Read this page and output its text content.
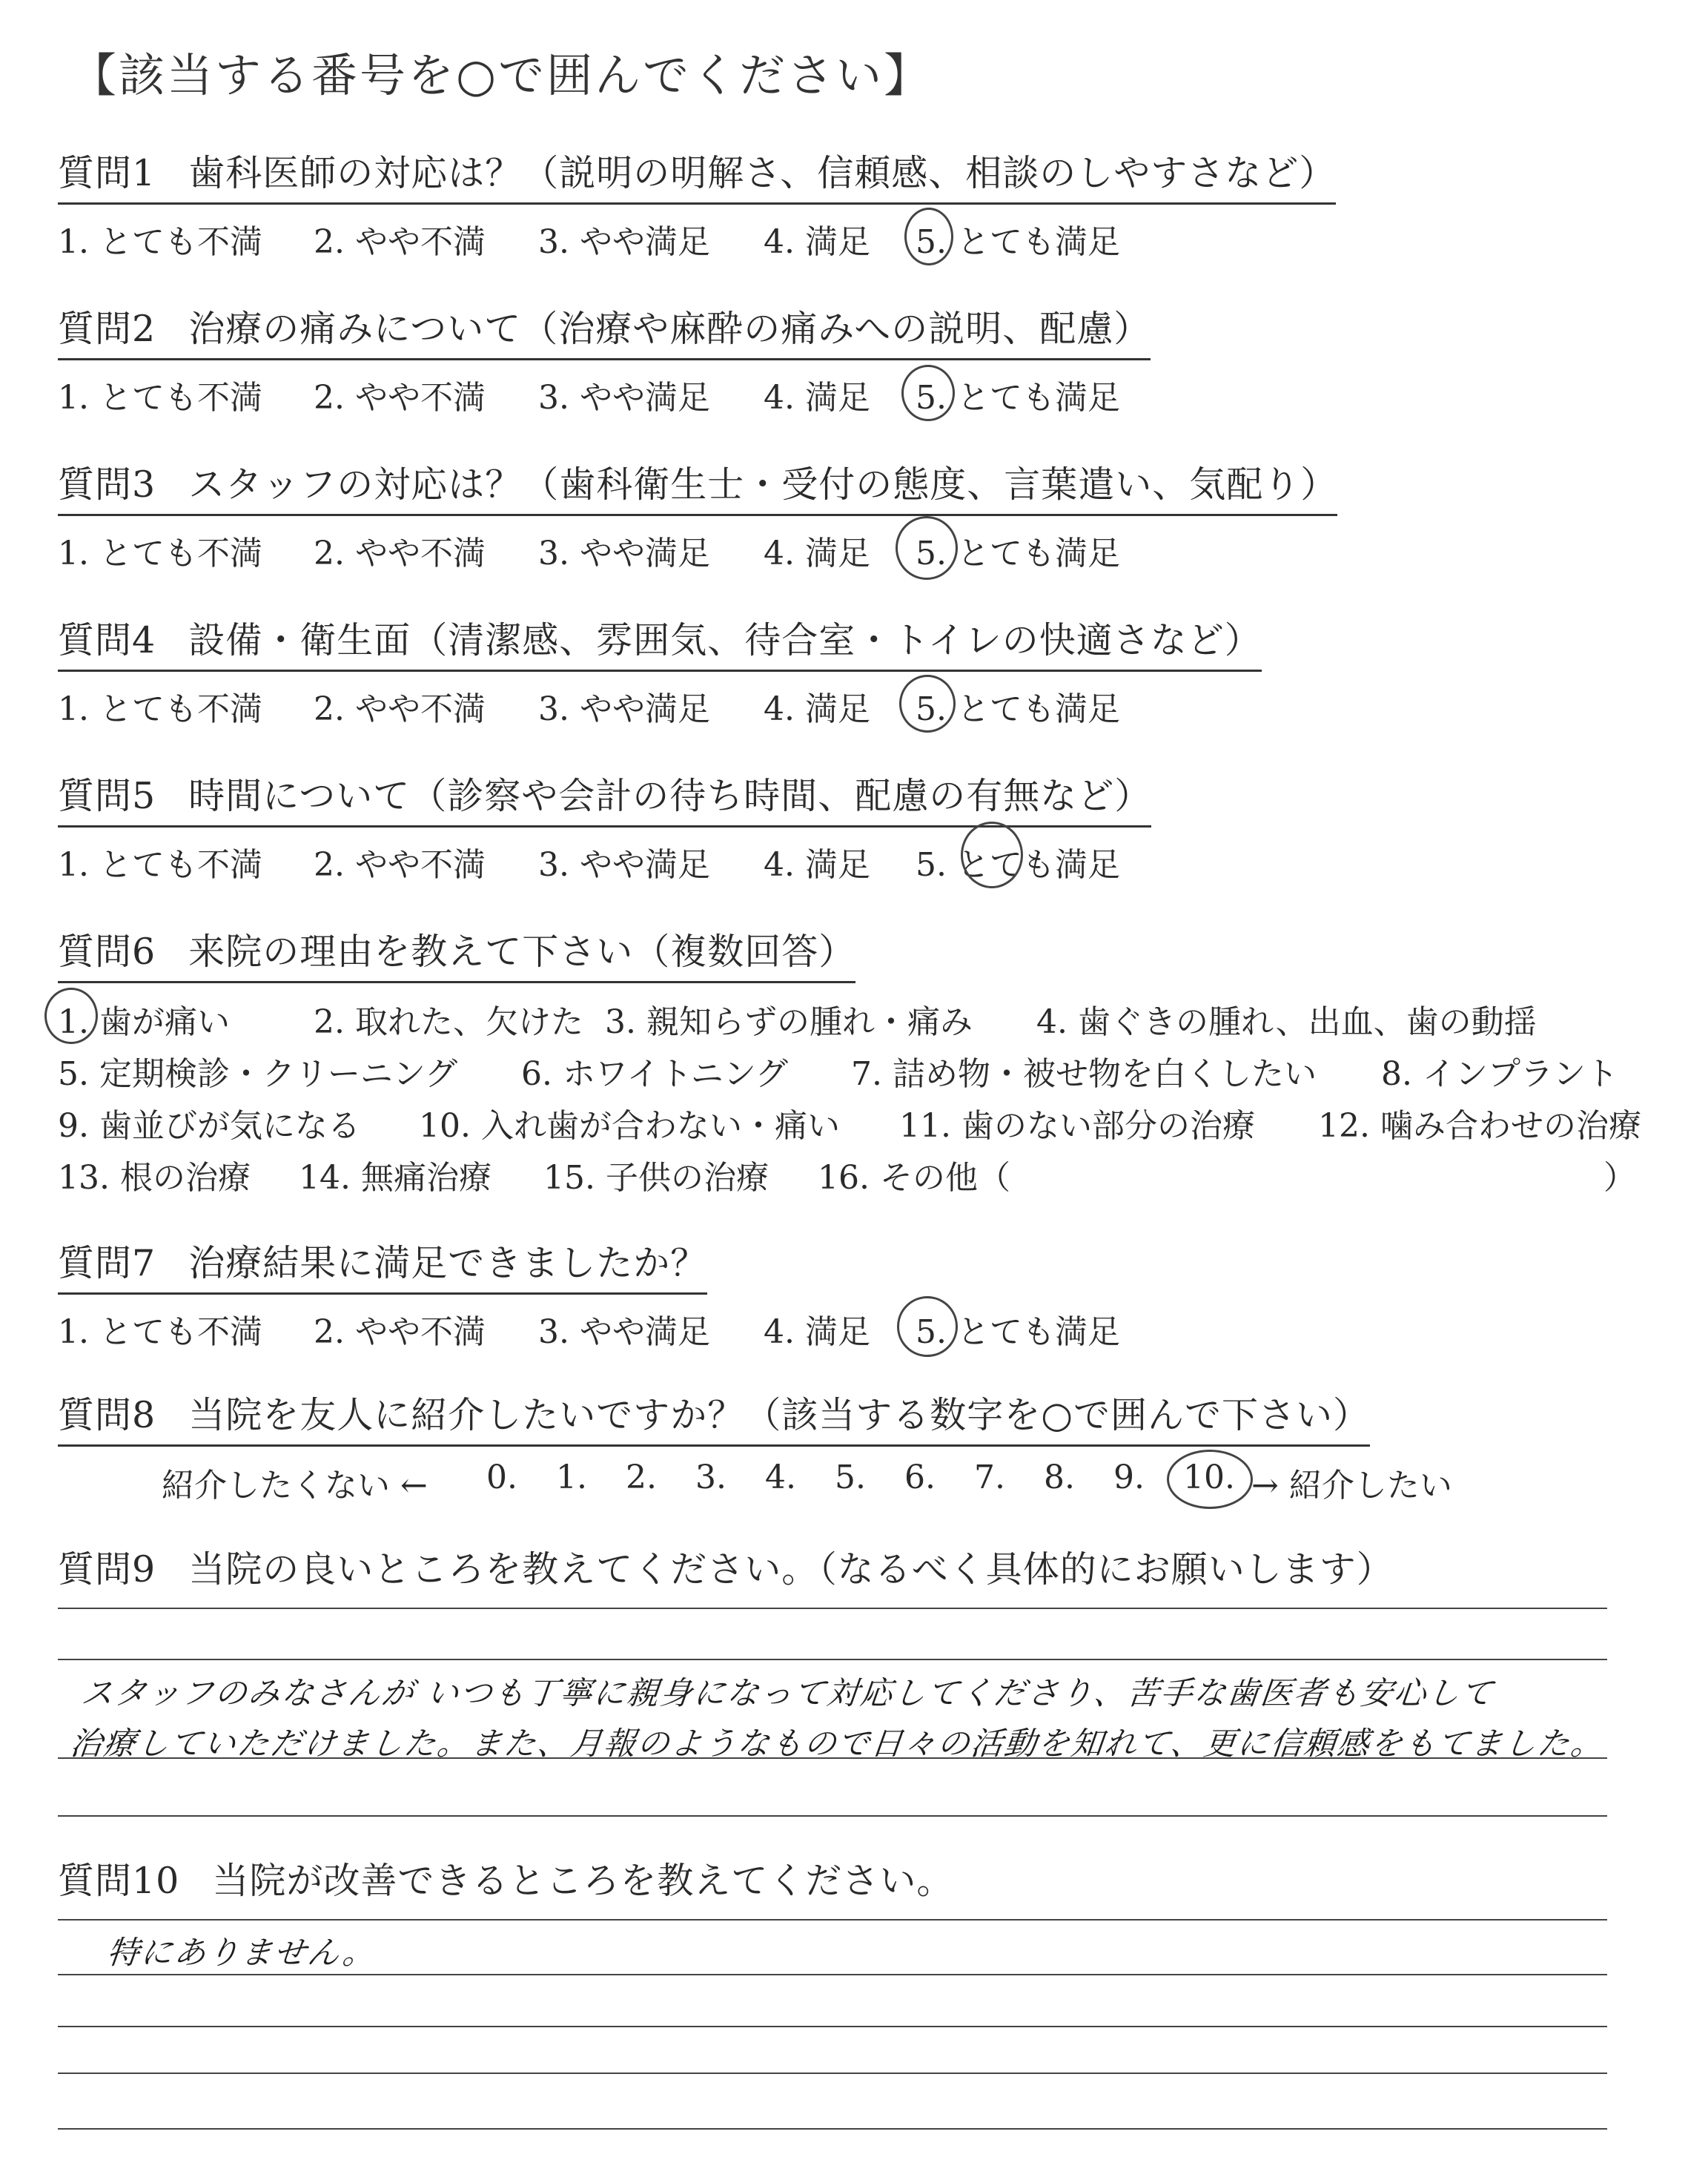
【該当する番号を○で囲んでください】
質問1 歯科医師の対応は？（説明の明解さ、信頼感、相談のしやすさなど）
1. とても不満 2. やや不満 3. やや満足 4. 満足 5. とても満足
質問2 治療の痛みについて（治療や麻酔の痛みへの説明、配慮）
1. とても不満 2. やや不満 3. やや満足 4. 満足 5. とても満足
質問3 スタッフの対応は？（歯科衛生士・受付の態度、言葉遣い、気配り）
1. とても不満 2. やや不満 3. やや満足 4. 満足 5. とても満足
質問4 設備・衛生面（清潔感、雰囲気、待合室・トイレの快適さなど）
1. とても不満 2. やや不満 3. やや満足 4. 満足 5. とても満足
質問5 時間について（診察や会計の待ち時間、配慮の有無など）
1. とても不満 2. やや不満 3. やや満足 4. 満足 5. とても満足
質問6 来院の理由を教えて下さい（複数回答）
1. 歯が痛い	2. 取れた、欠けた 3. 親知らずの腫れ・痛み 4. 歯ぐきの腫れ、出血、歯の動揺
5. 定期検診・クリーニング 6. ホワイトニング 7. 詰め物・被せ物を白くしたい 8. インプラント
9. 歯並びが気になる 10. 入れ歯が合わない・痛い 11. 歯のない部分の治療 12. 噛み合わせの治療
13. 根の治療 14. 無痛治療 15. 子供の治療 16. その他（	）
質問7 治療結果に満足できましたか？
1. とても不満 2. やや不満 3. やや満足 4. 満足 5. とても満足
質問8 当院を友人に紹介したいですか？（該当する数字を○で囲んで下さい）
紹介したくない ← 0. 1. 2. 3. 4. 5. 6. 7. 8. 9. 10. → 紹介したい
質問9 当院の良いところを教えてください。（なるべく具体的にお願いします）
スタッフのみなさんが いつも丁寧に親身になって対応してくださり、苦手な歯医者も安心して
治療していただけました。また、月報のようなもので日々の活動を知れて、更に信頼感をもてました。
質問10 当院が改善できるところを教えてください。
特にありません。
